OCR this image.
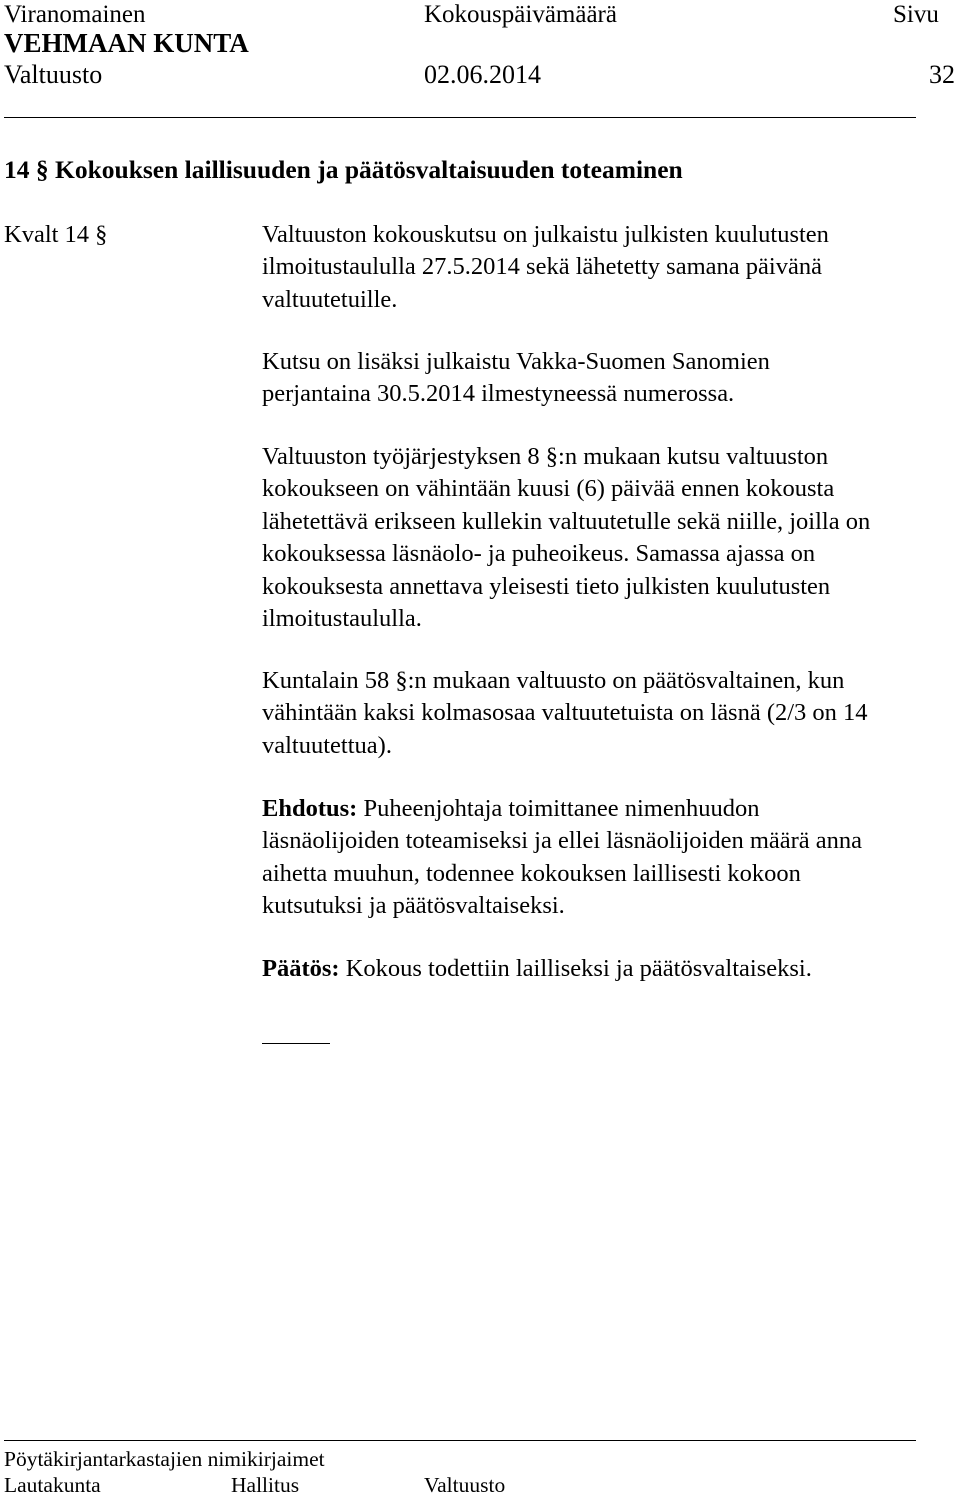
Viranomainen	Kokouspäivämäärä	Sivu
VEHMAAN KUNTA
Valtuusto	02.06.2014	32
14 § Kokouksen laillisuuden ja päätösvaltaisuuden toteaminen
Kvalt 14 §	Valtuuston kokouskutsu on julkaistu julkisten kuulutusten
ilmoitustaululla 27.5.2014 sekä lähetetty samana päivänä
valtuutetuille.

Kutsu on lisäksi julkaistu Vakka-Suomen Sanomien
perjantaina 30.5.2014 ilmestyneessä numerossa.

Valtuuston työjärjestyksen 8 §:n mukaan kutsu valtuuston
kokoukseen on vähintään kuusi (6) päivää ennen kokousta
lähetettävä erikseen kullekin valtuutetulle sekä niille, joilla on
kokouksessa läsnäolo- ja puheoikeus. Samassa ajassa on
kokouksesta annettava yleisesti tieto julkisten kuulutusten
ilmoitustaululla.

Kuntalain 58 §:n mukaan valtuusto on päätösvaltainen, kun
vähintään kaksi kolmasosaa valtuutetuista on läsnä (2/3 on 14
valtuutettua).

Ehdotus: Puheenjohtaja toimittanee nimenhuudon
läsnäolijoiden toteamiseksi ja ellei läsnäolijoiden määrä anna
aihetta muuhun, todennee kokouksen laillisesti kokoon
kutsutuksi ja päätösvaltaiseksi.

Päätös: Kokous todettiin lailliseksi ja päätösvaltaiseksi.

Pöytäkirjantarkastajien nimikirjaimet
Lautakunta	Hallitus	Valtuusto
